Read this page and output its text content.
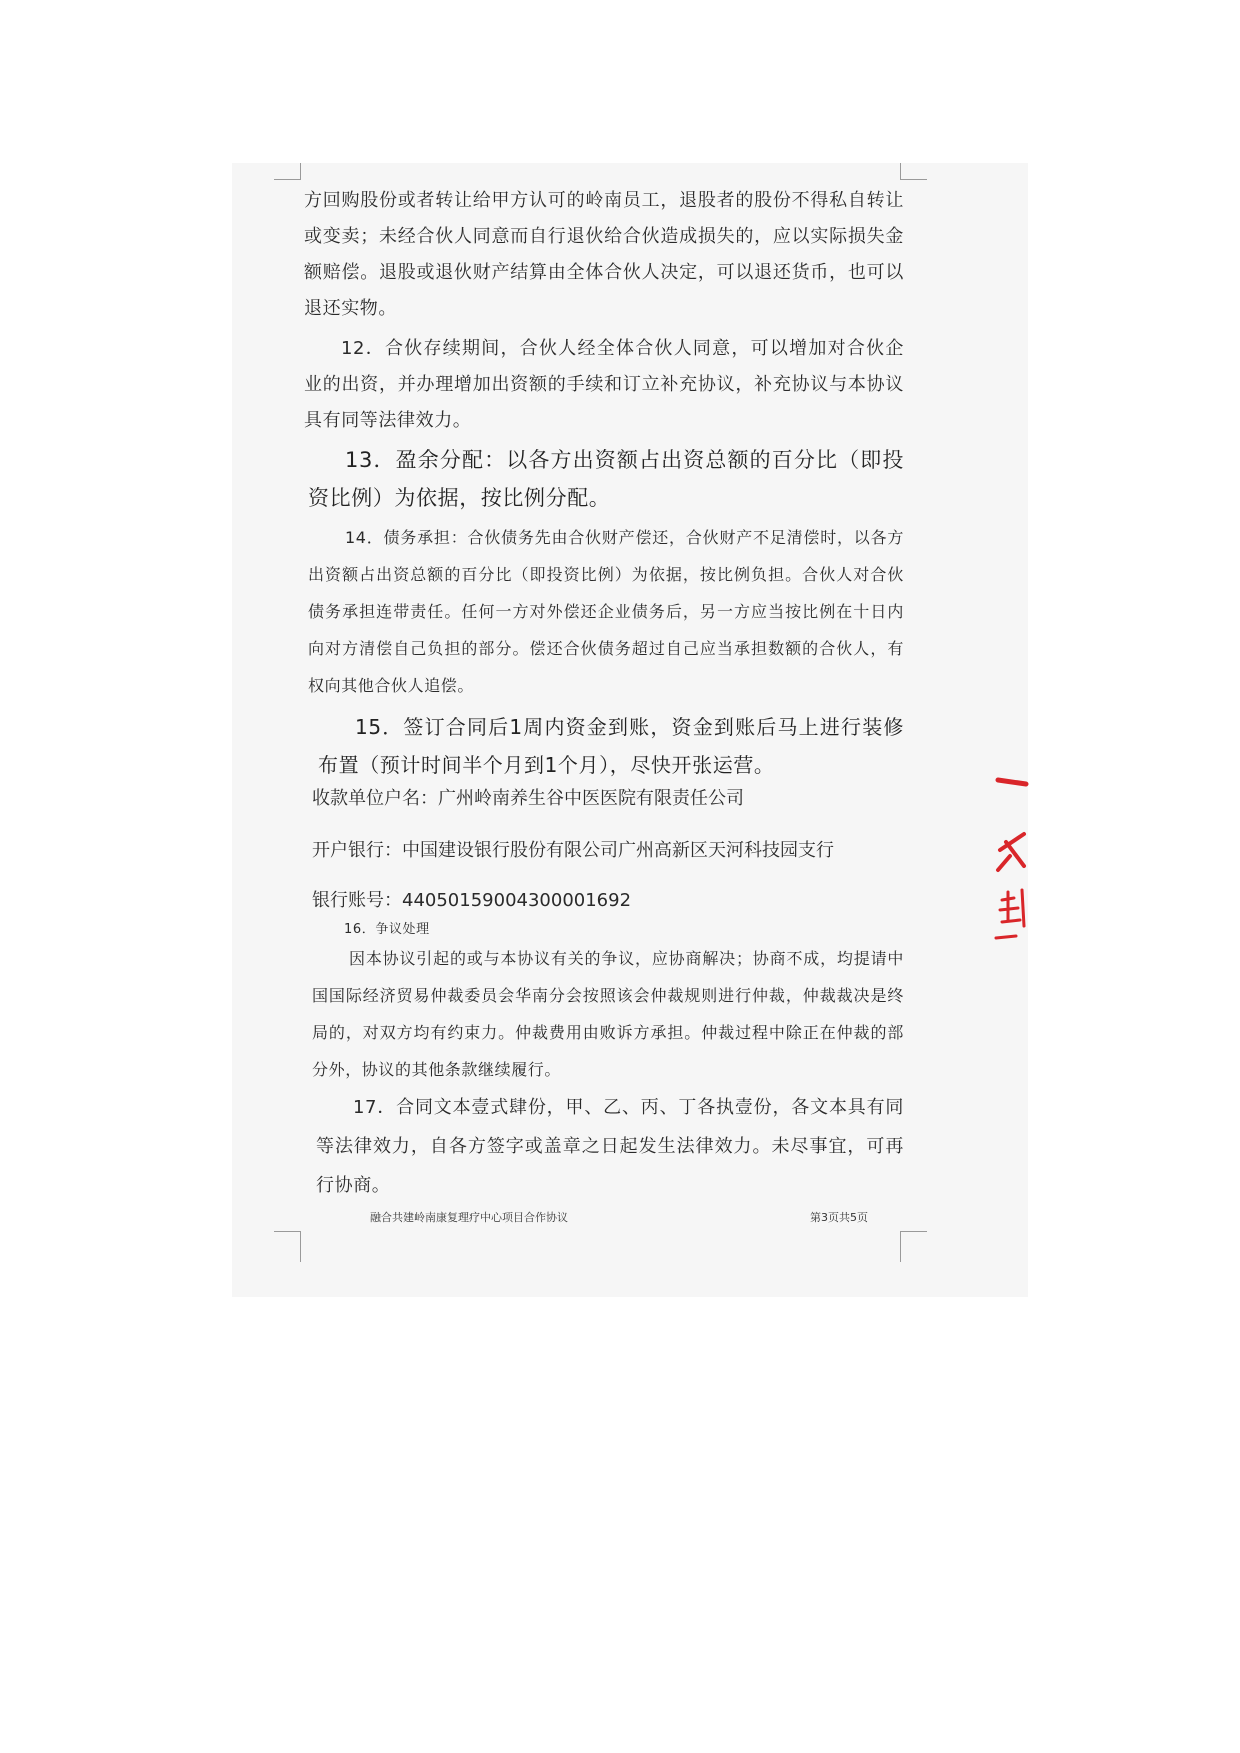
方回购股份或者转让给甲方认可的岭南员工，退股者的股份不得私自转让或变卖；未经合伙人同意而自行退伙给合伙造成损失的，应以实际损失金额赔偿。退股或退伙财产结算由全体合伙人决定，可以退还货币，也可以退还实物。

12．合伙存续期间，合伙人经全体合伙人同意，可以增加对合伙企业的出资，并办理增加出资额的手续和订立补充协议，补充协议与本协议具有同等法律效力。

13．盈余分配：以各方出资额占出资总额的百分比（即投资比例）为依据，按比例分配。

14．债务承担：合伙债务先由合伙财产偿还，合伙财产不足清偿时，以各方出资额占出资总额的百分比（即投资比例）为依据，按比例负担。合伙人对合伙债务承担连带责任。任何一方对外偿还企业债务后，另一方应当按比例在十日内向对方清偿自己负担的部分。偿还合伙债务超过自己应当承担数额的合伙人，有权向其他合伙人追偿。

15．签订合同后1周内资金到账，资金到账后马上进行装修布置（预计时间半个月到1个月），尽快开张运营。

收款单位户名：广州岭南养生谷中医医院有限责任公司

开户银行：中国建设银行股份有限公司广州高新区天河科技园支行

银行账号：44050159004300001692

16．争议处理

因本协议引起的或与本协议有关的争议，应协商解决；协商不成，均提请中国国际经济贸易仲裁委员会华南分会按照该会仲裁规则进行仲裁，仲裁裁决是终局的，对双方均有约束力。仲裁费用由败诉方承担。仲裁过程中除正在仲裁的部分外，协议的其他条款继续履行。

17．合同文本壹式肆份，甲、乙、丙、丁各执壹份，各文本具有同等法律效力，自各方签字或盖章之日起发生法律效力。未尽事宜，可再行协商。

融合共建岭南康复理疗中心项目合作协议	第3页共5页
